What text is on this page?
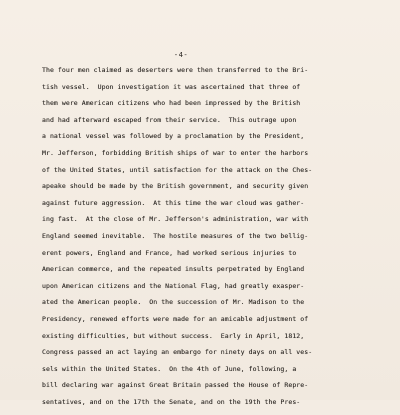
-4-
The four men claimed as deserters were then transferred to the Bri-
tish vessel.  Upon investigation it was ascertained that three of
them were American citizens who had been impressed by the British
and had afterward escaped from their service.  This outrage upon
a national vessel was followed by a proclamation by the President,
Mr. Jefferson, forbidding British ships of war to enter the harbors
of the United States, until satisfaction for the attack on the Ches-
apeake should be made by the British government, and security given
against future aggression.  At this time the war cloud was gather-
ing fast.  At the close of Mr. Jefferson's administration, war with
England seemed inevitable.  The hostile measures of the two bellig-
erent powers, England and France, had worked serious injuries to
American commerce, and the repeated insults perpetrated by England
upon American citizens and the National Flag, had greatly exasper-
ated the American people.  On the succession of Mr. Madison to the
Presidency, renewed efforts were made for an amicable adjustment of
existing difficulties, but without success.  Early in April, 1812,
Congress passed an act laying an embargo for ninety days on all ves-
sels within the United States.  On the 4th of June, following, a
bill declaring war against Great Britain passed the House of Repre-
sentatives, and on the 17th the Senate, and on the 19th the Pres-
